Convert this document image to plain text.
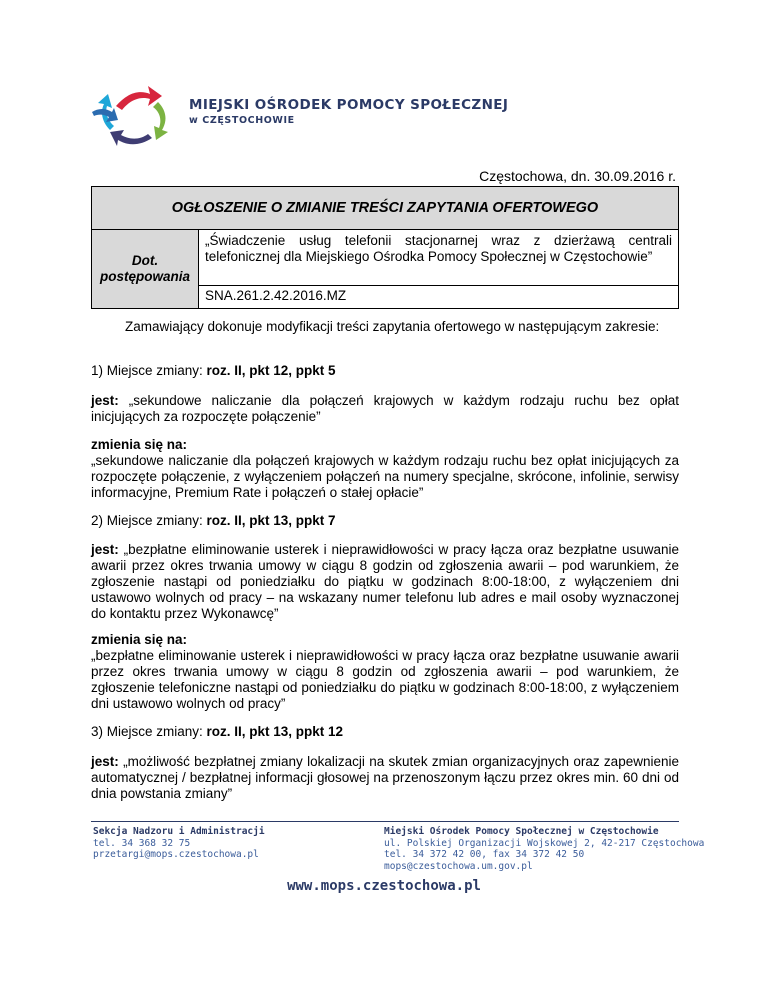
MIEJSKI OŚRODEK POMOCY SPOŁECZNEJ
w CZĘSTOCHOWIE
Częstochowa, dn. 30.09.2016 r.
OGŁOSZENIE O ZMIANIE TREŚCI ZAPYTANIA OFERTOWEGO
Dot.
postępowania	„Świadczenie usług telefonii stacjonarnej wraz z dzierżawą centrali telefonicznej dla Miejskiego Ośrodka Pomocy Społecznej w Częstochowie”
SNA.261.2.42.2016.MZ
Zamawiający dokonuje modyfikacji treści zapytania ofertowego w następującym zakresie:
1) Miejsce zmiany: roz. II, pkt 12, ppkt 5
jest: „sekundowe naliczanie dla połączeń krajowych w każdym rodzaju ruchu bez opłat inicjujących za rozpoczęte połączenie”
zmienia się na:
„sekundowe naliczanie dla połączeń krajowych w każdym rodzaju ruchu bez opłat inicjujących za rozpoczęte połączenie, z wyłączeniem połączeń na numery specjalne, skrócone, infolinie, serwisy informacyjne, Premium Rate i połączeń o stałej opłacie”
2) Miejsce zmiany: roz. II, pkt 13, ppkt 7
jest: „bezpłatne eliminowanie usterek i nieprawidłowości w pracy łącza oraz bezpłatne usuwanie awarii przez okres trwania umowy w ciągu 8 godzin od zgłoszenia awarii – pod warunkiem, że zgłoszenie nastąpi od poniedziałku do piątku w godzinach 8:00-18:00, z wyłączeniem dni ustawowo wolnych od pracy – na wskazany numer telefonu lub adres e mail osoby wyznaczonej do kontaktu przez Wykonawcę”
zmienia się na:
„bezpłatne eliminowanie usterek i nieprawidłowości w pracy łącza oraz bezpłatne usuwanie awarii przez okres trwania umowy w ciągu 8 godzin od zgłoszenia awarii – pod warunkiem, że zgłoszenie telefoniczne nastąpi od poniedziałku do piątku w godzinach 8:00-18:00, z wyłączeniem dni ustawowo wolnych od pracy”
3) Miejsce zmiany: roz. II, pkt 13, ppkt 12
jest: „możliwość bezpłatnej zmiany lokalizacji na skutek zmian organizacyjnych oraz zapewnienie automatycznej / bezpłatnej informacji głosowej na przenoszonym łączu przez okres min. 60 dni od dnia powstania zmiany”
Sekcja Nadzoru i Administracji
tel. 34 368 32 75
przetargi@mops.czestochowa.pl
Miejski Ośrodek Pomocy Społecznej w Częstochowie
ul. Polskiej Organizacji Wojskowej 2, 42-217 Częstochowa
tel. 34 372 42 00, fax 34 372 42 50
mops@czestochowa.um.gov.pl
www.mops.czestochowa.pl
